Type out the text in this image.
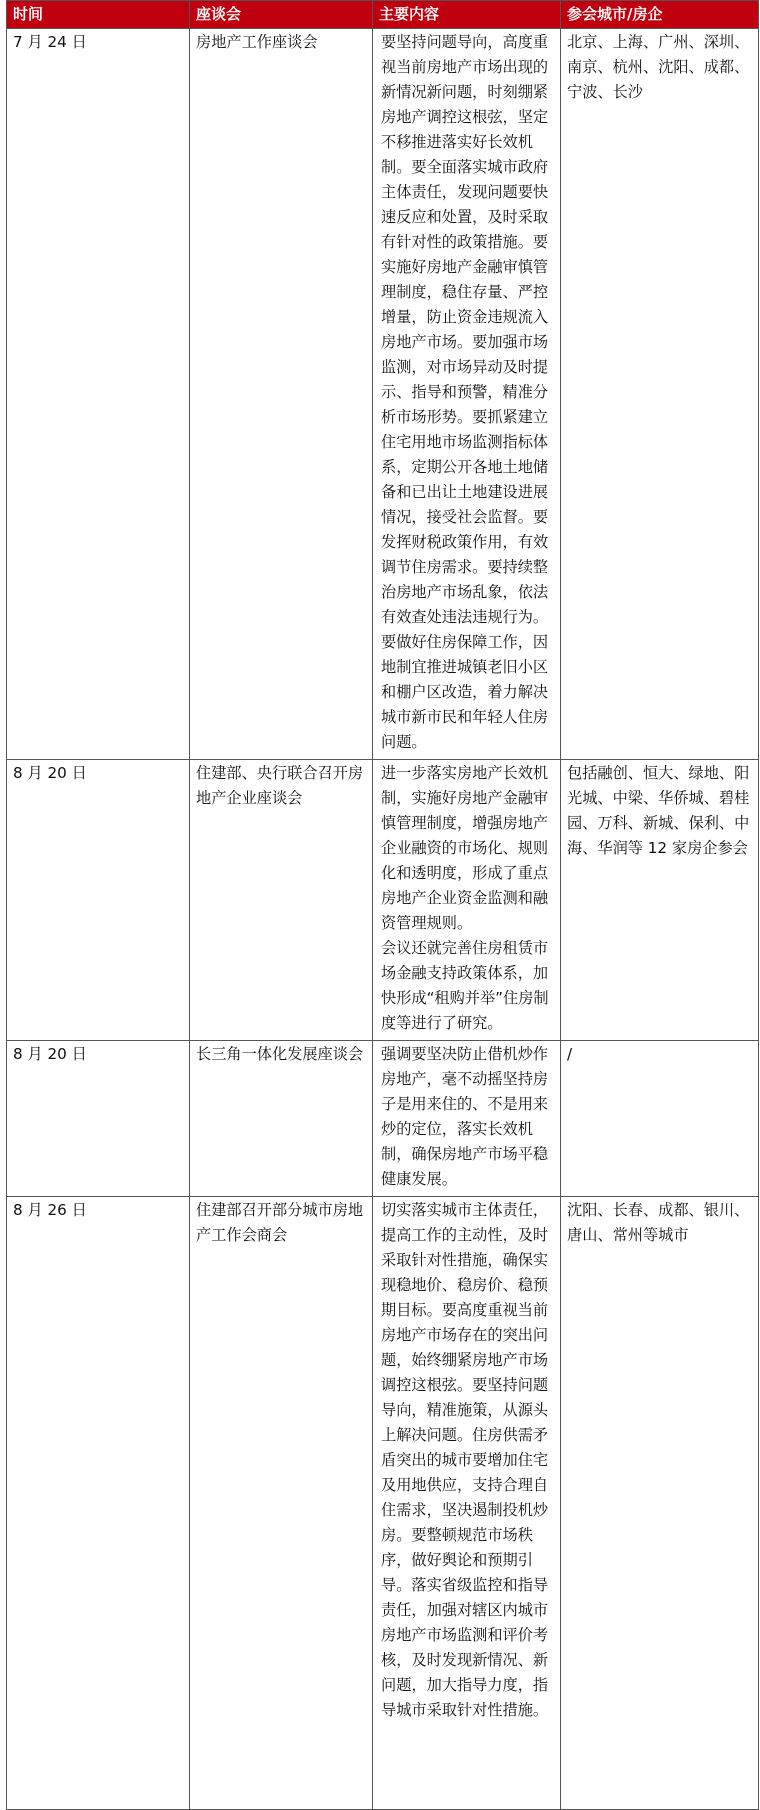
时间	座谈会	主要内容	参会城市/房企

7 月 24 日	房地产工作座谈会	要坚持问题导向，高度重视当前房地产市场出现的新情况新问题，时刻绷紧房地产调控这根弦，坚定不移推进落实好长效机制。要全面落实城市政府主体责任，发现问题要快速反应和处置，及时采取有针对性的政策措施。要实施好房地产金融审慎管理制度，稳住存量、严控增量，防止资金违规流入房地产市场。要加强市场监测，对市场异动及时提示、指导和预警，精准分析市场形势。要抓紧建立住宅用地市场监测指标体系，定期公开各地土地储备和已出让土地建设进展情况，接受社会监督。要发挥财税政策作用，有效调节住房需求。要持续整治房地产市场乱象，依法有效查处违法违规行为。要做好住房保障工作，因地制宜推进城镇老旧小区和棚户区改造，着力解决城市新市民和年轻人住房问题。	北京、上海、广州、深圳、南京、杭州、沈阳、成都、宁波、长沙

8 月 20 日	住建部、央行联合召开房地产企业座谈会	进一步落实房地产长效机制，实施好房地产金融审慎管理制度，增强房地产企业融资的市场化、规则化和透明度，形成了重点房地产企业资金监测和融资管理规则。
会议还就完善住房租赁市场金融支持政策体系，加快形成“租购并举”住房制度等进行了研究。	包括融创、恒大、绿地、阳光城、中梁、华侨城、碧桂园、万科、新城、保利、中海、华润等 12 家房企参会

8 月 20 日	长三角一体化发展座谈会	强调要坚决防止借机炒作房地产，毫不动摇坚持房子是用来住的、不是用来炒的定位，落实长效机制，确保房地产市场平稳健康发展。	/

8 月 26 日	住建部召开部分城市房地产工作会商会	切实落实城市主体责任，提高工作的主动性，及时采取针对性措施，确保实现稳地价、稳房价、稳预期目标。要高度重视当前房地产市场存在的突出问题，始终绷紧房地产市场调控这根弦。要坚持问题导向，精准施策，从源头上解决问题。住房供需矛盾突出的城市要增加住宅及用地供应，支持合理自住需求，坚决遏制投机炒房。要整顿规范市场秩序，做好舆论和预期引导。落实省级监控和指导责任，加强对辖区内城市房地产市场监测和评价考核，及时发现新情况、新问题，加大指导力度，指导城市采取针对性措施。	沈阳、长春、成都、银川、唐山、常州等城市
